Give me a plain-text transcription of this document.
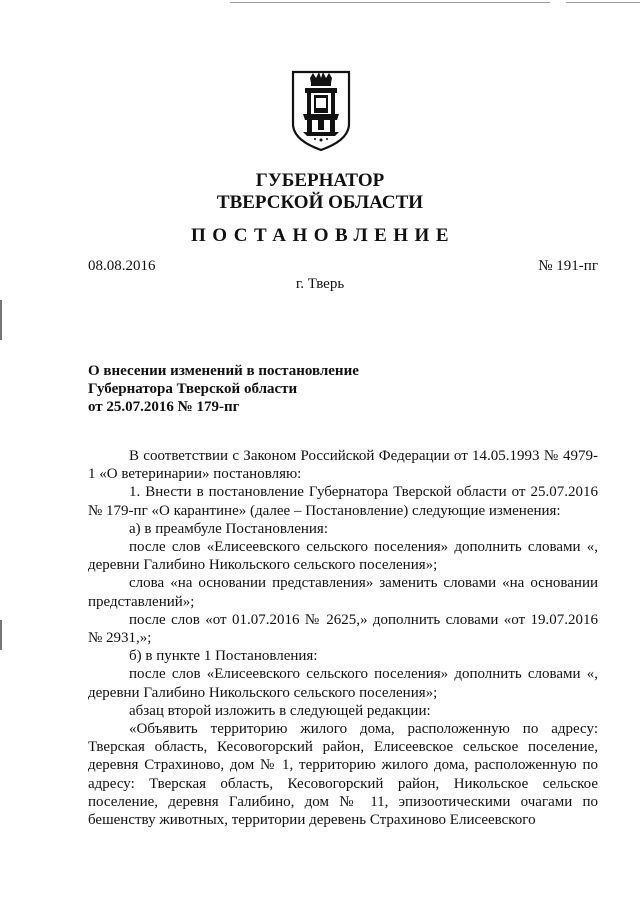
ГУБЕРНАТОР
ТВЕРСКОЙ ОБЛАСТИ
ПОСТАНОВЛЕНИЕ
08.08.2016	№ 191-пг
г. Тверь
О внесении изменений в постановление
Губернатора Тверской области
от 25.07.2016 № 179-пг

В соответствии с Законом Российской Федерации от 14.05.1993 № 4979-1 «О ветеринарии» постановляю:

1. Внести в постановление Губернатора Тверской области от 25.07.2016 № 179-пг «О карантине» (далее – Постановление) следующие изменения:

а) в преамбуле Постановления:

после слов «Елисеевского сельского поселения» дополнить словами «, деревни Галибино Никольского сельского поселения»;

слова «на основании представления» заменить словами «на основании представлений»;

после слов «от 01.07.2016 № 2625,» дополнить словами «от 19.07.2016 № 2931,»;

б) в пункте 1 Постановления:

после слов «Елисеевского сельского поселения» дополнить словами «, деревни Галибино Никольского сельского поселения»;

абзац второй изложить в следующей редакции:

«Объявить территорию жилого дома, расположенную по адресу: Тверская область, Кесовогорский район, Елисеевское сельское поселение, деревня Страхиново, дом № 1, территорию жилого дома, расположенную по адресу: Тверская область, Кесовогорский район, Никольское сельское поселение, деревня Галибино, дом № 11, эпизоотическими очагами по бешенству животных, территории деревень Страхиново Елисеевского
